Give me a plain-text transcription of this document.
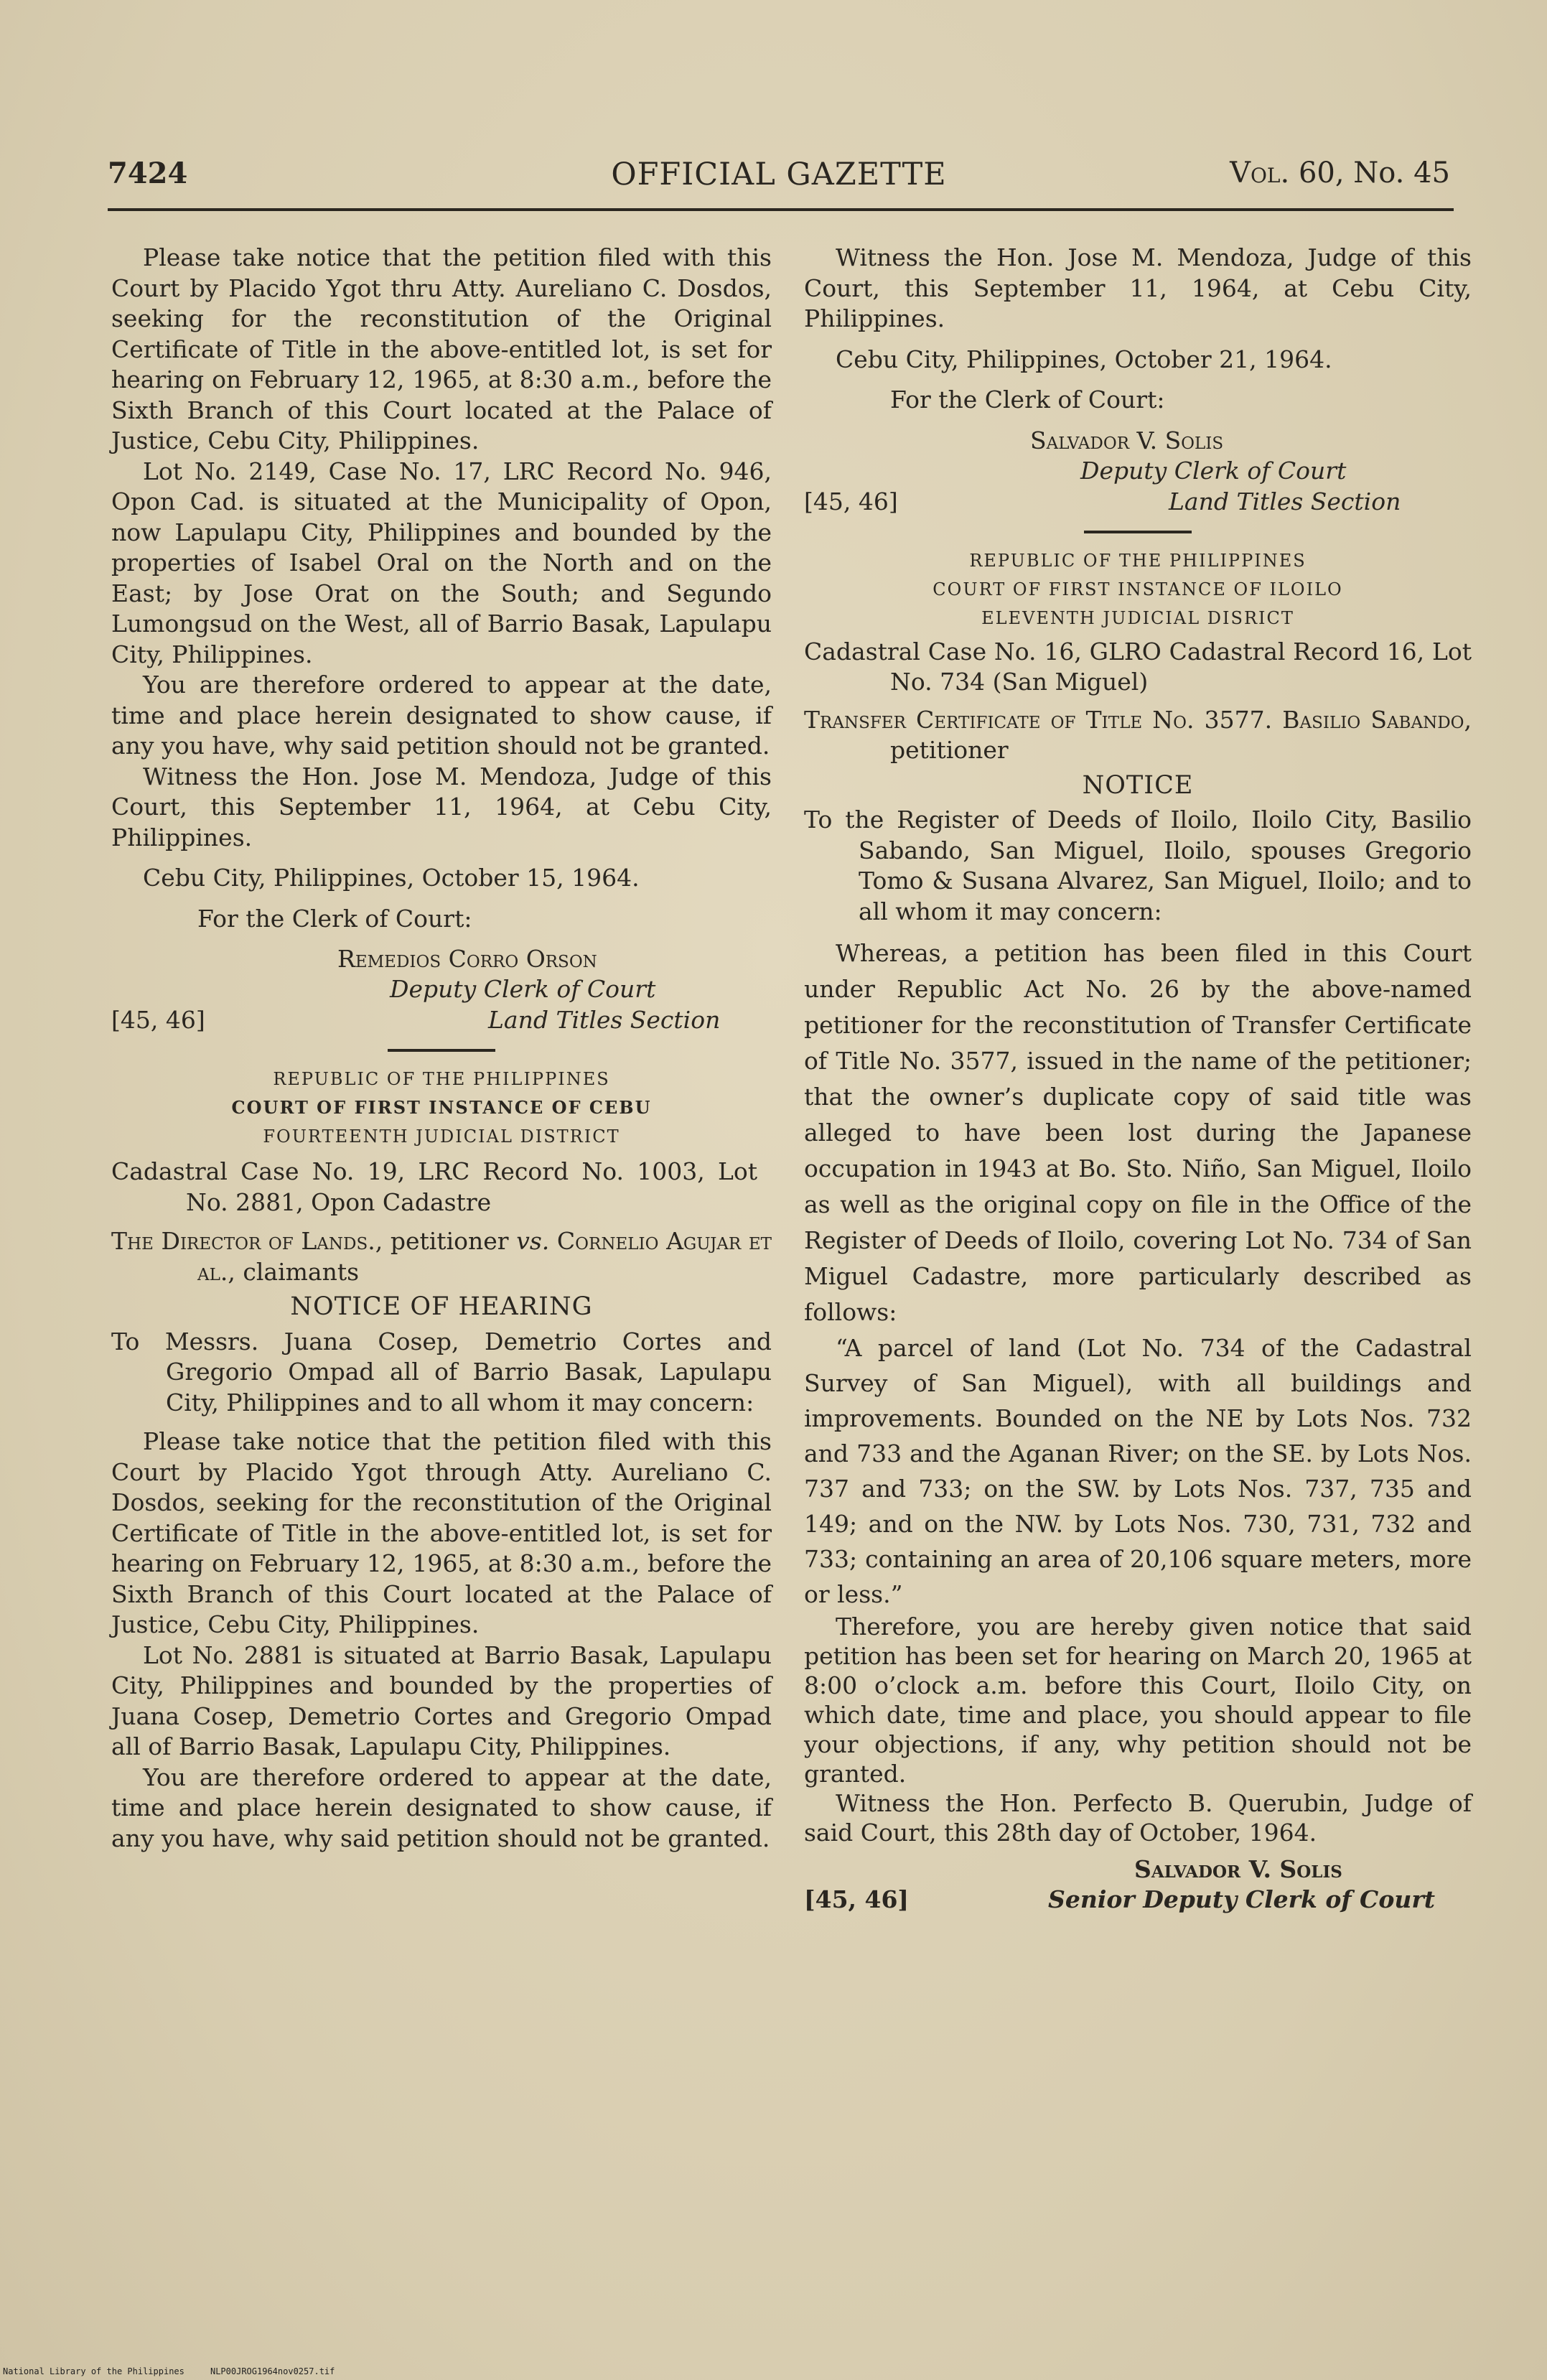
7424	OFFICIAL GAZETTE	Vol. 60, No. 45

Please take notice that the petition filed with this Court by Placido Ygot thru Atty. Aureliano C. Dosdos, seeking for the reconstitution of the Original Certificate of Title in the above-entitled lot, is set for hearing on February 12, 1965, at 8:30 a.m., before the Sixth Branch of this Court located at the Palace of Justice, Cebu City, Philippines.

Lot No. 2149, Case No. 17, LRC Record No. 946, Opon Cad. is situated at the Municipality of Opon, now Lapulapu City, Philippines and bounded by the properties of Isabel Oral on the North and on the East; by Jose Orat on the South; and Segundo Lumongsud on the West, all of Barrio Basak, Lapulapu City, Philippines.

You are therefore ordered to appear at the date, time and place herein designated to show cause, if any you have, why said petition should not be granted.

Witness the Hon. Jose M. Mendoza, Judge of this Court, this September 11, 1964, at Cebu City, Philippines.

Cebu City, Philippines, October 15, 1964.

For the Clerk of Court:

Remedios Corro Orson
Deputy Clerk of Court
Land Titles Section
[45, 46]

REPUBLIC OF THE PHILIPPINES

COURT OF FIRST INSTANCE OF CEBU

FOURTEENTH JUDICIAL DISTRICT

Cadastral Case No. 19, LRC Record No. 1003, Lot No. 2881, Opon Cadastre

The Director of Lands., petitioner vs. Cornelio Agujar et al., claimants

NOTICE OF HEARING

To Messrs. Juana Cosep, Demetrio Cortes and Gregorio Ompad all of Barrio Basak, Lapulapu City, Philippines and to all whom it may concern:

Please take notice that the petition filed with this Court by Placido Ygot through Atty. Aureliano C. Dosdos, seeking for the reconstitution of the Original Certificate of Title in the above-entitled lot, is set for hearing on February 12, 1965, at 8:30 a.m., before the Sixth Branch of this Court located at the Palace of Justice, Cebu City, Philippines.

Lot No. 2881 is situated at Barrio Basak, Lapulapu City, Philippines and bounded by the properties of Juana Cosep, Demetrio Cortes and Gregorio Ompad all of Barrio Basak, Lapulapu City, Philippines.

You are therefore ordered to appear at the date, time and place herein designated to show cause, if any you have, why said petition should not be granted.

Witness the Hon. Jose M. Mendoza, Judge of this Court, this September 11, 1964, at Cebu City, Philippines.

Cebu City, Philippines, October 21, 1964.

For the Clerk of Court:

Salvador V. Solis
Deputy Clerk of Court
Land Titles Section
[45, 46]

REPUBLIC OF THE PHILIPPINES

COURT OF FIRST INSTANCE OF ILOILO

ELEVENTH JUDICIAL DISRICT

Cadastral Case No. 16, GLRO Cadastral Record 16, Lot No. 734 (San Miguel)

Transfer Certificate of Title No. 3577. Basilio Sabando, petitioner

NOTICE

To the Register of Deeds of Iloilo, Iloilo City, Basilio Sabando, San Miguel, Iloilo, spouses Gregorio Tomo & Susana Alvarez, San Miguel, Iloilo; and to all whom it may concern:

Whereas, a petition has been filed in this Court under Republic Act No. 26 by the above-named petitioner for the reconstitution of Transfer Certificate of Title No. 3577, issued in the name of the petitioner; that the owner’s duplicate copy of said title was alleged to have been lost during the Japanese occupation in 1943 at Bo. Sto. Niño, San Miguel, Iloilo as well as the original copy on file in the Office of the Register of Deeds of Iloilo, covering Lot No. 734 of San Miguel Cadastre, more particularly described as follows:

“A parcel of land (Lot No. 734 of the Cadastral Survey of San Miguel), with all buildings and improvements. Bounded on the NE by Lots Nos. 732 and 733 and the Aganan River; on the SE. by Lots Nos. 737 and 733; on the SW. by Lots Nos. 737, 735 and 149; and on the NW. by Lots Nos. 730, 731, 732 and 733; containing an area of 20,106 square meters, more or less.”

Therefore, you are hereby given notice that said petition has been set for hearing on March 20, 1965 at 8:00 o’clock a.m. before this Court, Iloilo City, on which date, time and place, you should appear to file your objections, if any, why petition should not be granted.

Witness the Hon. Perfecto B. Querubin, Judge of said Court, this 28th day of October, 1964.

Salvador V. Solis
Senior Deputy Clerk of Court
[45, 46]
National Library of the Philippines     NLP00JROG1964nov0257.tif
